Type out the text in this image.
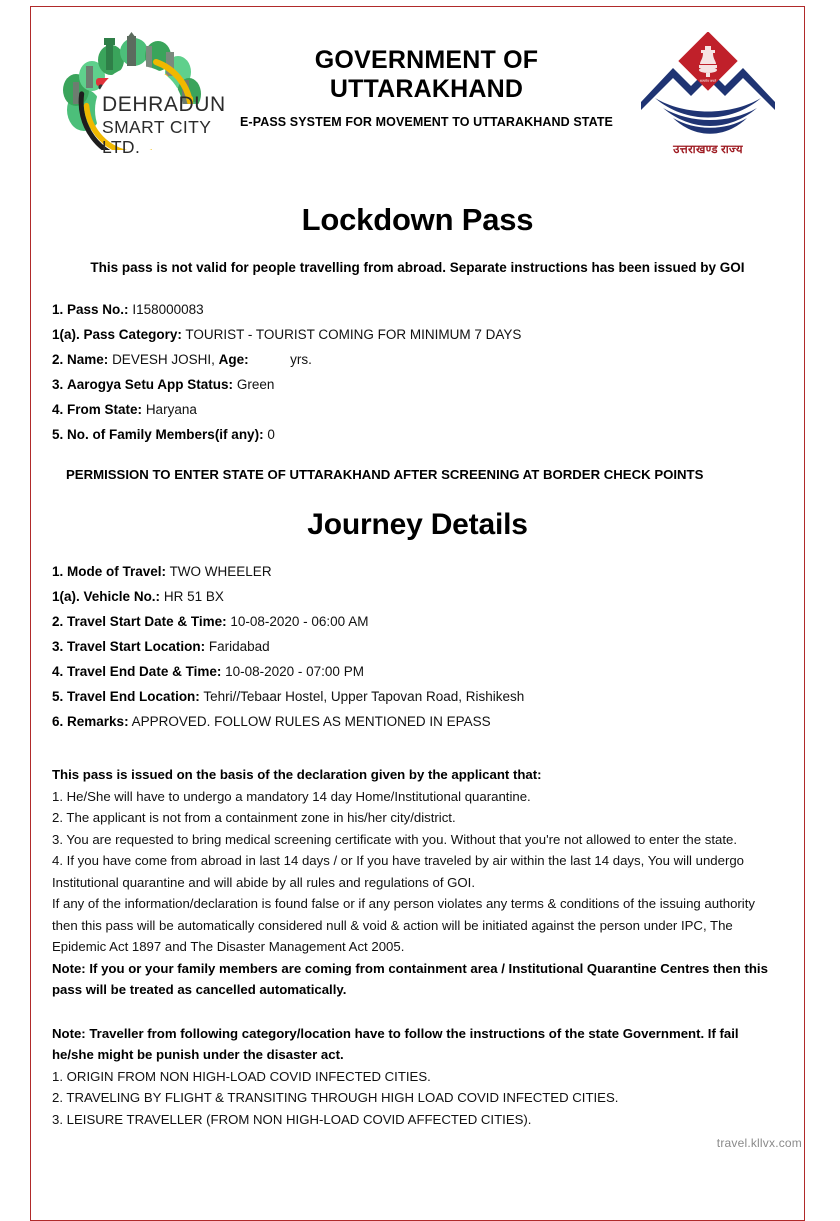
DEHRADUN
SMART CITY LTD.
GOVERNMENT OF
UTTARAKHAND
E-PASS SYSTEM FOR MOVEMENT TO UTTARAKHAND STATE
सत्यमेव जयते
उत्तराखण्ड राज्य
Lockdown Pass
This pass is not valid for people travelling from abroad. Separate instructions has been issued by GOI
1. Pass No.: I158000083
1(a). Pass Category: TOURIST - TOURIST COMING FOR MINIMUM 7 DAYS
2. Name: DEVESH JOSHI, Age:	yrs.
3. Aarogya Setu App Status: Green
4. From State: Haryana
5. No. of Family Members(if any): 0
PERMISSION TO ENTER STATE OF UTTARAKHAND AFTER SCREENING AT BORDER CHECK POINTS
Journey Details
1. Mode of Travel: TWO WHEELER
1(a). Vehicle No.: HR 51 BX
2. Travel Start Date & Time: 10-08-2020 - 06:00 AM
3. Travel Start Location: Faridabad
4. Travel End Date & Time: 10-08-2020 - 07:00 PM
5. Travel End Location: Tehri//Tebaar Hostel, Upper Tapovan Road, Rishikesh
6. Remarks: APPROVED. FOLLOW RULES AS MENTIONED IN EPASS
This pass is issued on the basis of the declaration given by the applicant that:
1. He/She will have to undergo a mandatory 14 day Home/Institutional quarantine.
2. The applicant is not from a containment zone in his/her city/district.
3. You are requested to bring medical screening certificate with you. Without that you're not allowed to enter the state.
4. If you have come from abroad in last 14 days / or If you have traveled by air within the last 14 days, You will undergo Institutional quarantine and will abide by all rules and regulations of GOI.
If any of the information/declaration is found false or if any person violates any terms & conditions of the issuing authority then this pass will be automatically considered null & void & action will be initiated against the person under IPC, The Epidemic Act 1897 and The Disaster Management Act 2005.
Note: If you or your family members are coming from containment area / Institutional Quarantine Centres then this pass will be treated as cancelled automatically.
Note: Traveller from following category/location have to follow the instructions of the state Government. If fail he/she might be punish under the disaster act.
1. ORIGIN FROM NON HIGH-LOAD COVID INFECTED CITIES.
2. TRAVELING BY FLIGHT & TRANSITING THROUGH HIGH LOAD COVID INFECTED CITIES.
3. LEISURE TRAVELLER (FROM NON HIGH-LOAD COVID AFFECTED CITIES).
travel.kllvx.com
